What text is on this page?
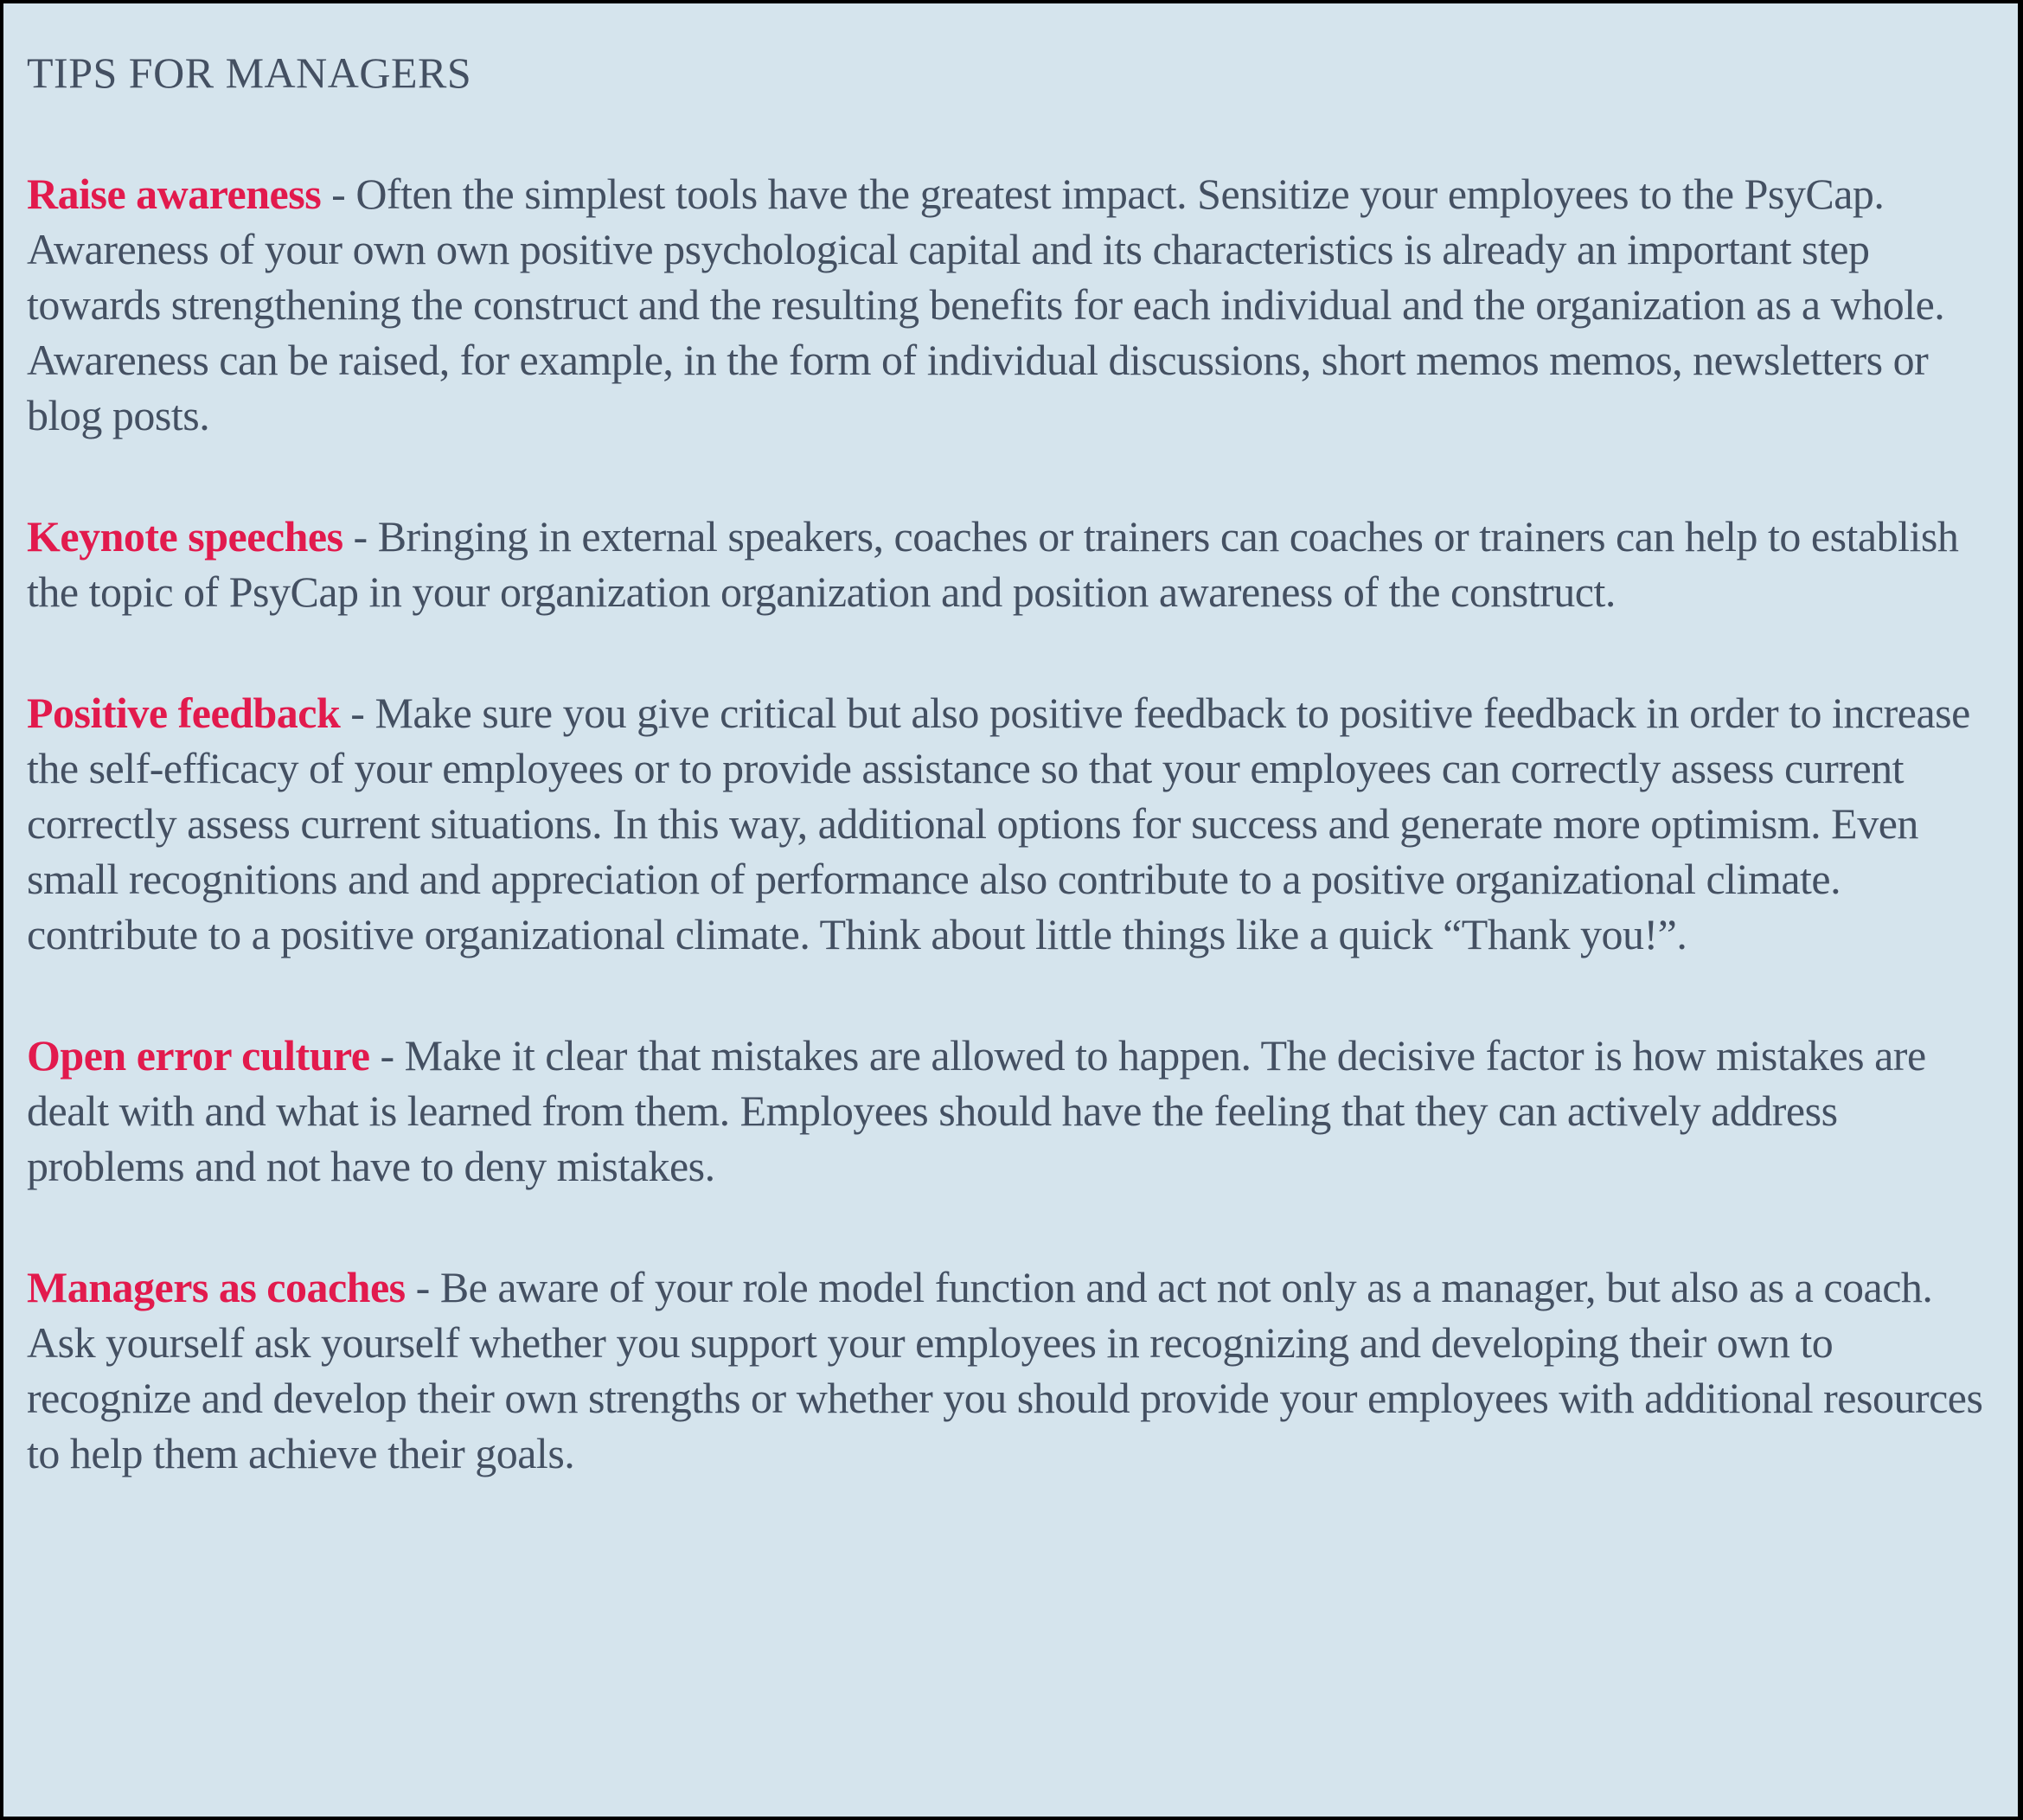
TIPS FOR MANAGERS

Raise awareness - Often the simplest tools have the greatest impact. Sensitize your employees to the PsyCap. Awareness of your own own positive psychological capital and its characteristics is already an important step towards strengthening the construct and the resulting benefits for each individual and the organization as a whole. Awareness can be raised, for example, in the form of individual discussions, short memos memos, newsletters or blog posts.

Keynote speeches - Bringing in external speakers, coaches or trainers can coaches or trainers can help to establish the topic of PsyCap in your organization organization and position awareness of the construct.

Positive feedback - Make sure you give critical but also positive feedback to positive feedback in order to increase the self-efficacy of your employees or to provide assistance so that your employees can correctly assess current correctly assess current situations. In this way, additional options for success and generate more optimism. Even small recognitions and and appreciation of performance also contribute to a positive organizational climate. contribute to a positive organizational climate. Think about little things like a quick “Thank you!”.

Open error culture - Make it clear that mistakes are allowed to happen. The decisive factor is how mistakes are dealt with and what is learned from them. Employees should have the feeling that they can actively address problems and not have to deny mistakes.

Managers as coaches - Be aware of your role model function and act not only as a manager, but also as a coach. Ask yourself ask yourself whether you support your employees in recognizing and developing their own to recognize and develop their own strengths or whether you should provide your employees with additional resources to help them achieve their goals.
